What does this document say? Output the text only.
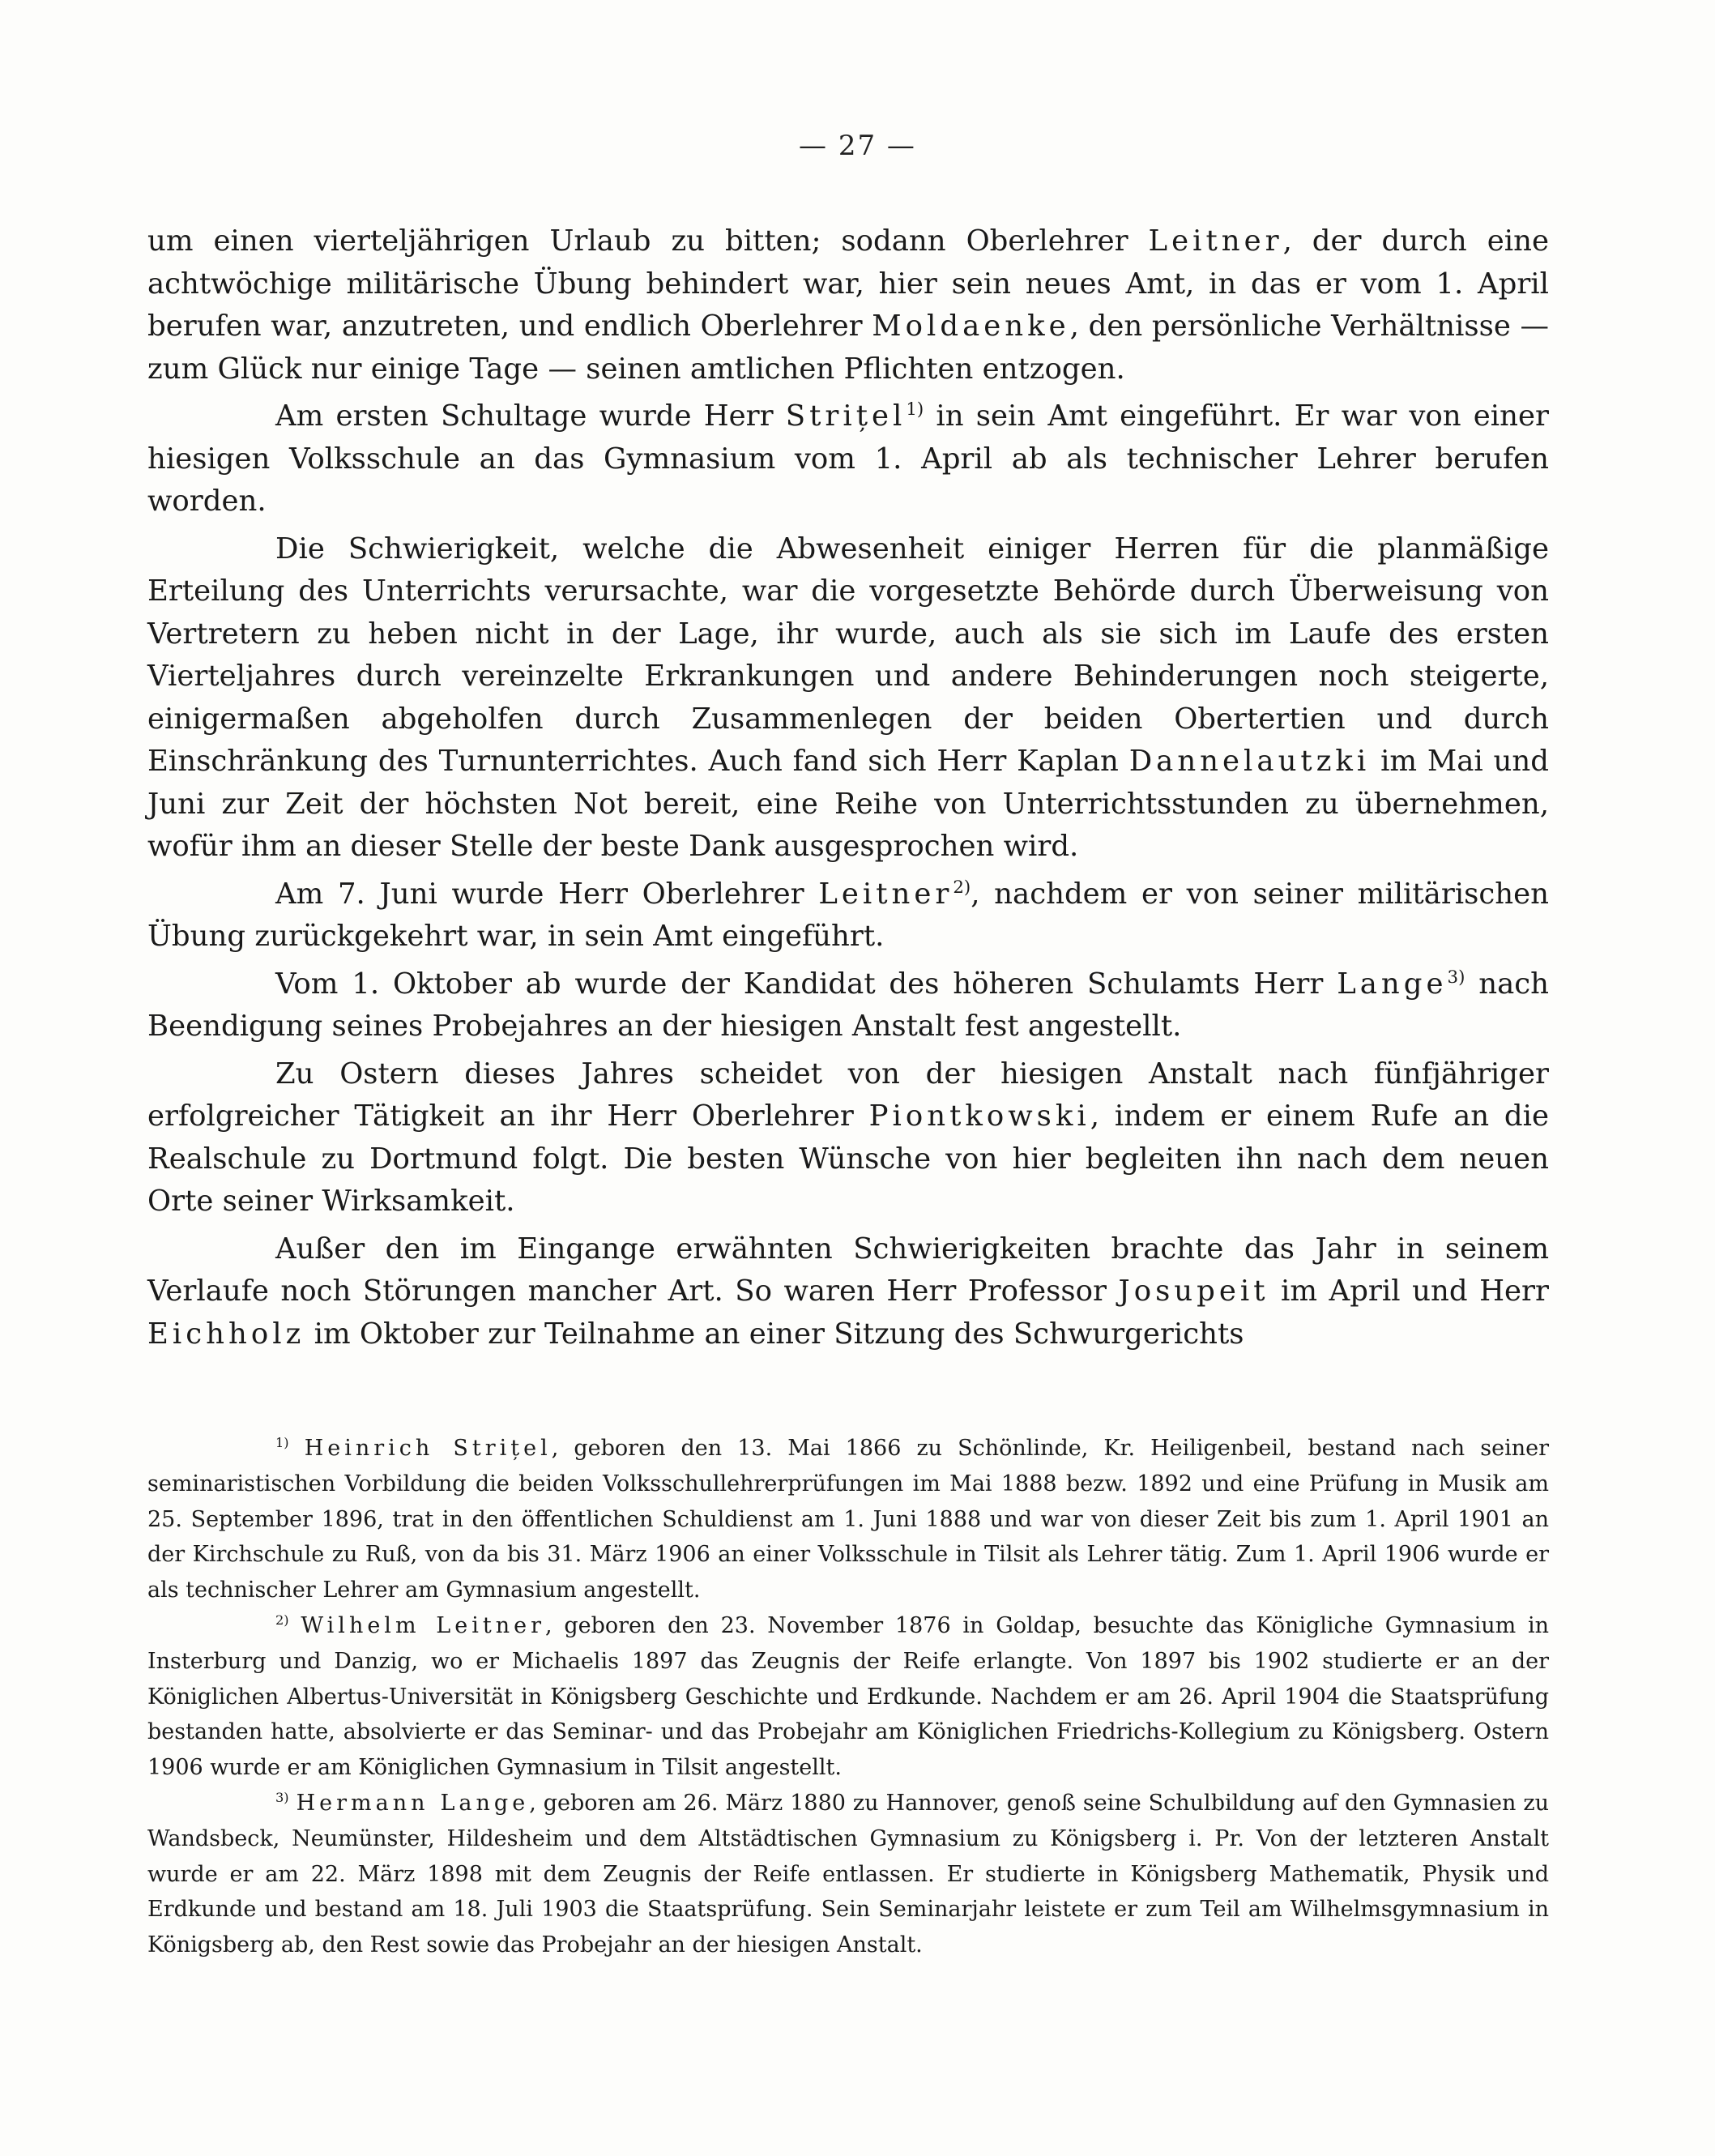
— 27 —

um einen vierteljährigen Urlaub zu bitten; sodann Oberlehrer Leitner, der durch eine achtwöchige militärische Übung behindert war, hier sein neues Amt, in das er vom 1. April berufen war, anzutreten, und endlich Oberlehrer Moldaenke, den persönliche Verhältnisse — zum Glück nur einige Tage — seinen amtlichen Pflichten entzogen.

Am ersten Schultage wurde Herr Strițel$^{1)}$ in sein Amt eingeführt. Er war von einer hiesigen Volksschule an das Gymnasium vom 1. April ab als technischer Lehrer berufen worden.

Die Schwierigkeit, welche die Abwesenheit einiger Herren für die planmäßige Erteilung des Unterrichts verursachte, war die vorgesetzte Behörde durch Überweisung von Vertretern zu heben nicht in der Lage, ihr wurde, auch als sie sich im Laufe des ersten Vierteljahres durch vereinzelte Erkrankungen und andere Behinderungen noch steigerte, einigermaßen abgeholfen durch Zusammenlegen der beiden Obertertien und durch Einschränkung des Turnunterrichtes. Auch fand sich Herr Kaplan Dannelautzki im Mai und Juni zur Zeit der höchsten Not bereit, eine Reihe von Unterrichtsstunden zu übernehmen, wofür ihm an dieser Stelle der beste Dank ausgesprochen wird.

Am 7. Juni wurde Herr Oberlehrer Leitner$^{2)}$, nachdem er von seiner militärischen Übung zurückgekehrt war, in sein Amt eingeführt.

Vom 1. Oktober ab wurde der Kandidat des höheren Schulamts Herr Lange$^{3)}$ nach Beendigung seines Probejahres an der hiesigen Anstalt fest angestellt.

Zu Ostern dieses Jahres scheidet von der hiesigen Anstalt nach fünfjähriger erfolgreicher Tätigkeit an ihr Herr Oberlehrer Piontkowski, indem er einem Rufe an die Realschule zu Dortmund folgt. Die besten Wünsche von hier begleiten ihn nach dem neuen Orte seiner Wirksamkeit.

Außer den im Eingange erwähnten Schwierigkeiten brachte das Jahr in seinem Verlaufe noch Störungen mancher Art. So waren Herr Professor Josupeit im April und Herr Eichholz im Oktober zur Teilnahme an einer Sitzung des Schwurgerichts

$^{1)}$ Heinrich Strițel, geboren den 13. Mai 1866 zu Schönlinde, Kr. Heiligenbeil, bestand nach seiner seminaristischen Vorbildung die beiden Volksschullehrerprüfungen im Mai 1888 bezw. 1892 und eine Prüfung in Musik am 25. September 1896, trat in den öffentlichen Schuldienst am 1. Juni 1888 und war von dieser Zeit bis zum 1. April 1901 an der Kirchschule zu Ruß, von da bis 31. März 1906 an einer Volksschule in Tilsit als Lehrer tätig. Zum 1. April 1906 wurde er als technischer Lehrer am Gymnasium angestellt.

$^{2)}$ Wilhelm Leitner, geboren den 23. November 1876 in Goldap, besuchte das Königliche Gymnasium in Insterburg und Danzig, wo er Michaelis 1897 das Zeugnis der Reife erlangte. Von 1897 bis 1902 studierte er an der Königlichen Albertus-Universität in Königsberg Geschichte und Erdkunde. Nachdem er am 26. April 1904 die Staatsprüfung bestanden hatte, absolvierte er das Seminar- und das Probejahr am Königlichen Friedrichs-Kollegium zu Königsberg. Ostern 1906 wurde er am Königlichen Gymnasium in Tilsit angestellt.

$^{3)}$ Hermann Lange, geboren am 26. März 1880 zu Hannover, genoß seine Schulbildung auf den Gymnasien zu Wandsbeck, Neumünster, Hildesheim und dem Altstädtischen Gymnasium zu Königsberg i. Pr. Von der letzteren Anstalt wurde er am 22. März 1898 mit dem Zeugnis der Reife entlassen. Er studierte in Königsberg Mathematik, Physik und Erdkunde und bestand am 18. Juli 1903 die Staatsprüfung. Sein Seminarjahr leistete er zum Teil am Wilhelmsgymnasium in Königsberg ab, den Rest sowie das Probejahr an der hiesigen Anstalt.
